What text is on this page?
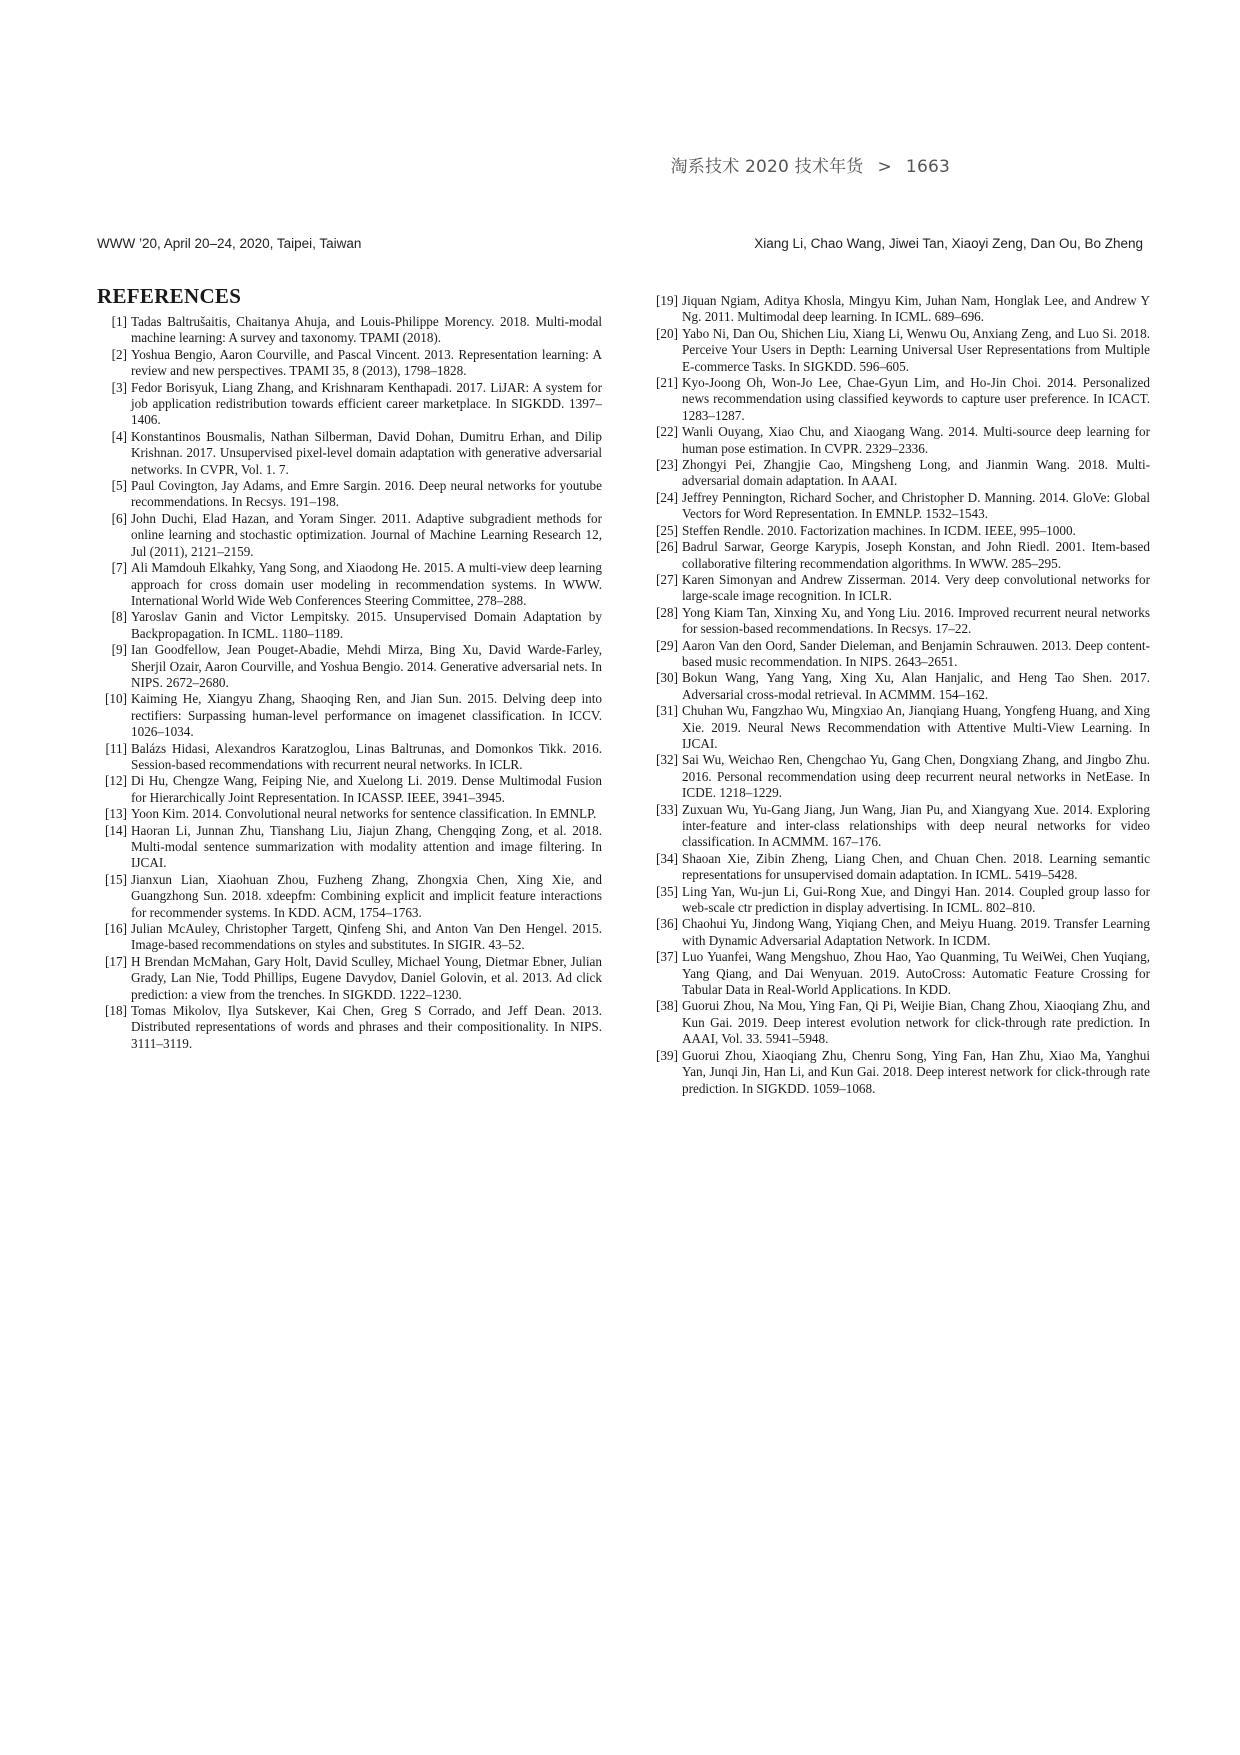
淘系技术 2020 技术年货 > 1663
WWW ’20, April 20–24, 2020, Taipei, Taiwan	Xiang Li, Chao Wang, Jiwei Tan, Xiaoyi Zeng, Dan Ou, Bo Zheng
REFERENCES
[1] Tadas Baltrušaitis, Chaitanya Ahuja, and Louis-Philippe Morency. 2018. Multi-modal machine learning: A survey and taxonomy. TPAMI (2018).
[2] Yoshua Bengio, Aaron Courville, and Pascal Vincent. 2013. Representation learning: A review and new perspectives. TPAMI 35, 8 (2013), 1798–1828.
[3] Fedor Borisyuk, Liang Zhang, and Krishnaram Kenthapadi. 2017. LiJAR: A system for job application redistribution towards efficient career marketplace. In SIGKDD. 1397–1406.
[4] Konstantinos Bousmalis, Nathan Silberman, David Dohan, Dumitru Erhan, and Dilip Krishnan. 2017. Unsupervised pixel-level domain adaptation with generative adversarial networks. In CVPR, Vol. 1. 7.
[5] Paul Covington, Jay Adams, and Emre Sargin. 2016. Deep neural networks for youtube recommendations. In Recsys. 191–198.
[6] John Duchi, Elad Hazan, and Yoram Singer. 2011. Adaptive subgradient methods for online learning and stochastic optimization. Journal of Machine Learning Research 12, Jul (2011), 2121–2159.
[7] Ali Mamdouh Elkahky, Yang Song, and Xiaodong He. 2015. A multi-view deep learning approach for cross domain user modeling in recommendation systems. In WWW. International World Wide Web Conferences Steering Committee, 278–288.
[8] Yaroslav Ganin and Victor Lempitsky. 2015. Unsupervised Domain Adaptation by Backpropagation. In ICML. 1180–1189.
[9] Ian Goodfellow, Jean Pouget-Abadie, Mehdi Mirza, Bing Xu, David Warde-Farley, Sherjil Ozair, Aaron Courville, and Yoshua Bengio. 2014. Generative adversarial nets. In NIPS. 2672–2680.
[10] Kaiming He, Xiangyu Zhang, Shaoqing Ren, and Jian Sun. 2015. Delving deep into rectifiers: Surpassing human-level performance on imagenet classification. In ICCV. 1026–1034.
[11] Balázs Hidasi, Alexandros Karatzoglou, Linas Baltrunas, and Domonkos Tikk. 2016. Session-based recommendations with recurrent neural networks. In ICLR.
[12] Di Hu, Chengze Wang, Feiping Nie, and Xuelong Li. 2019. Dense Multimodal Fusion for Hierarchically Joint Representation. In ICASSP. IEEE, 3941–3945.
[13] Yoon Kim. 2014. Convolutional neural networks for sentence classification. In EMNLP.
[14] Haoran Li, Junnan Zhu, Tianshang Liu, Jiajun Zhang, Chengqing Zong, et al. 2018. Multi-modal sentence summarization with modality attention and image filtering. In IJCAI.
[15] Jianxun Lian, Xiaohuan Zhou, Fuzheng Zhang, Zhongxia Chen, Xing Xie, and Guangzhong Sun. 2018. xdeepfm: Combining explicit and implicit feature interactions for recommender systems. In KDD. ACM, 1754–1763.
[16] Julian McAuley, Christopher Targett, Qinfeng Shi, and Anton Van Den Hengel. 2015. Image-based recommendations on styles and substitutes. In SIGIR. 43–52.
[17] H Brendan McMahan, Gary Holt, David Sculley, Michael Young, Dietmar Ebner, Julian Grady, Lan Nie, Todd Phillips, Eugene Davydov, Daniel Golovin, et al. 2013. Ad click prediction: a view from the trenches. In SIGKDD. 1222–1230.
[18] Tomas Mikolov, Ilya Sutskever, Kai Chen, Greg S Corrado, and Jeff Dean. 2013. Distributed representations of words and phrases and their compositionality. In NIPS. 3111–3119.
[19] Jiquan Ngiam, Aditya Khosla, Mingyu Kim, Juhan Nam, Honglak Lee, and Andrew Y Ng. 2011. Multimodal deep learning. In ICML. 689–696.
[20] Yabo Ni, Dan Ou, Shichen Liu, Xiang Li, Wenwu Ou, Anxiang Zeng, and Luo Si. 2018. Perceive Your Users in Depth: Learning Universal User Representations from Multiple E-commerce Tasks. In SIGKDD. 596–605.
[21] Kyo-Joong Oh, Won-Jo Lee, Chae-Gyun Lim, and Ho-Jin Choi. 2014. Personalized news recommendation using classified keywords to capture user preference. In ICACT. 1283–1287.
[22] Wanli Ouyang, Xiao Chu, and Xiaogang Wang. 2014. Multi-source deep learning for human pose estimation. In CVPR. 2329–2336.
[23] Zhongyi Pei, Zhangjie Cao, Mingsheng Long, and Jianmin Wang. 2018. Multi-adversarial domain adaptation. In AAAI.
[24] Jeffrey Pennington, Richard Socher, and Christopher D. Manning. 2014. GloVe: Global Vectors for Word Representation. In EMNLP. 1532–1543.
[25] Steffen Rendle. 2010. Factorization machines. In ICDM. IEEE, 995–1000.
[26] Badrul Sarwar, George Karypis, Joseph Konstan, and John Riedl. 2001. Item-based collaborative filtering recommendation algorithms. In WWW. 285–295.
[27] Karen Simonyan and Andrew Zisserman. 2014. Very deep convolutional networks for large-scale image recognition. In ICLR.
[28] Yong Kiam Tan, Xinxing Xu, and Yong Liu. 2016. Improved recurrent neural networks for session-based recommendations. In Recsys. 17–22.
[29] Aaron Van den Oord, Sander Dieleman, and Benjamin Schrauwen. 2013. Deep content-based music recommendation. In NIPS. 2643–2651.
[30] Bokun Wang, Yang Yang, Xing Xu, Alan Hanjalic, and Heng Tao Shen. 2017. Adversarial cross-modal retrieval. In ACMMM. 154–162.
[31] Chuhan Wu, Fangzhao Wu, Mingxiao An, Jianqiang Huang, Yongfeng Huang, and Xing Xie. 2019. Neural News Recommendation with Attentive Multi-View Learning. In IJCAI.
[32] Sai Wu, Weichao Ren, Chengchao Yu, Gang Chen, Dongxiang Zhang, and Jingbo Zhu. 2016. Personal recommendation using deep recurrent neural networks in NetEase. In ICDE. 1218–1229.
[33] Zuxuan Wu, Yu-Gang Jiang, Jun Wang, Jian Pu, and Xiangyang Xue. 2014. Exploring inter-feature and inter-class relationships with deep neural networks for video classification. In ACMMM. 167–176.
[34] Shaoan Xie, Zibin Zheng, Liang Chen, and Chuan Chen. 2018. Learning semantic representations for unsupervised domain adaptation. In ICML. 5419–5428.
[35] Ling Yan, Wu-jun Li, Gui-Rong Xue, and Dingyi Han. 2014. Coupled group lasso for web-scale ctr prediction in display advertising. In ICML. 802–810.
[36] Chaohui Yu, Jindong Wang, Yiqiang Chen, and Meiyu Huang. 2019. Transfer Learning with Dynamic Adversarial Adaptation Network. In ICDM.
[37] Luo Yuanfei, Wang Mengshuo, Zhou Hao, Yao Quanming, Tu WeiWei, Chen Yuqiang, Yang Qiang, and Dai Wenyuan. 2019. AutoCross: Automatic Feature Crossing for Tabular Data in Real-World Applications. In KDD.
[38] Guorui Zhou, Na Mou, Ying Fan, Qi Pi, Weijie Bian, Chang Zhou, Xiaoqiang Zhu, and Kun Gai. 2019. Deep interest evolution network for click-through rate prediction. In AAAI, Vol. 33. 5941–5948.
[39] Guorui Zhou, Xiaoqiang Zhu, Chenru Song, Ying Fan, Han Zhu, Xiao Ma, Yanghui Yan, Junqi Jin, Han Li, and Kun Gai. 2018. Deep interest network for click-through rate prediction. In SIGKDD. 1059–1068.
